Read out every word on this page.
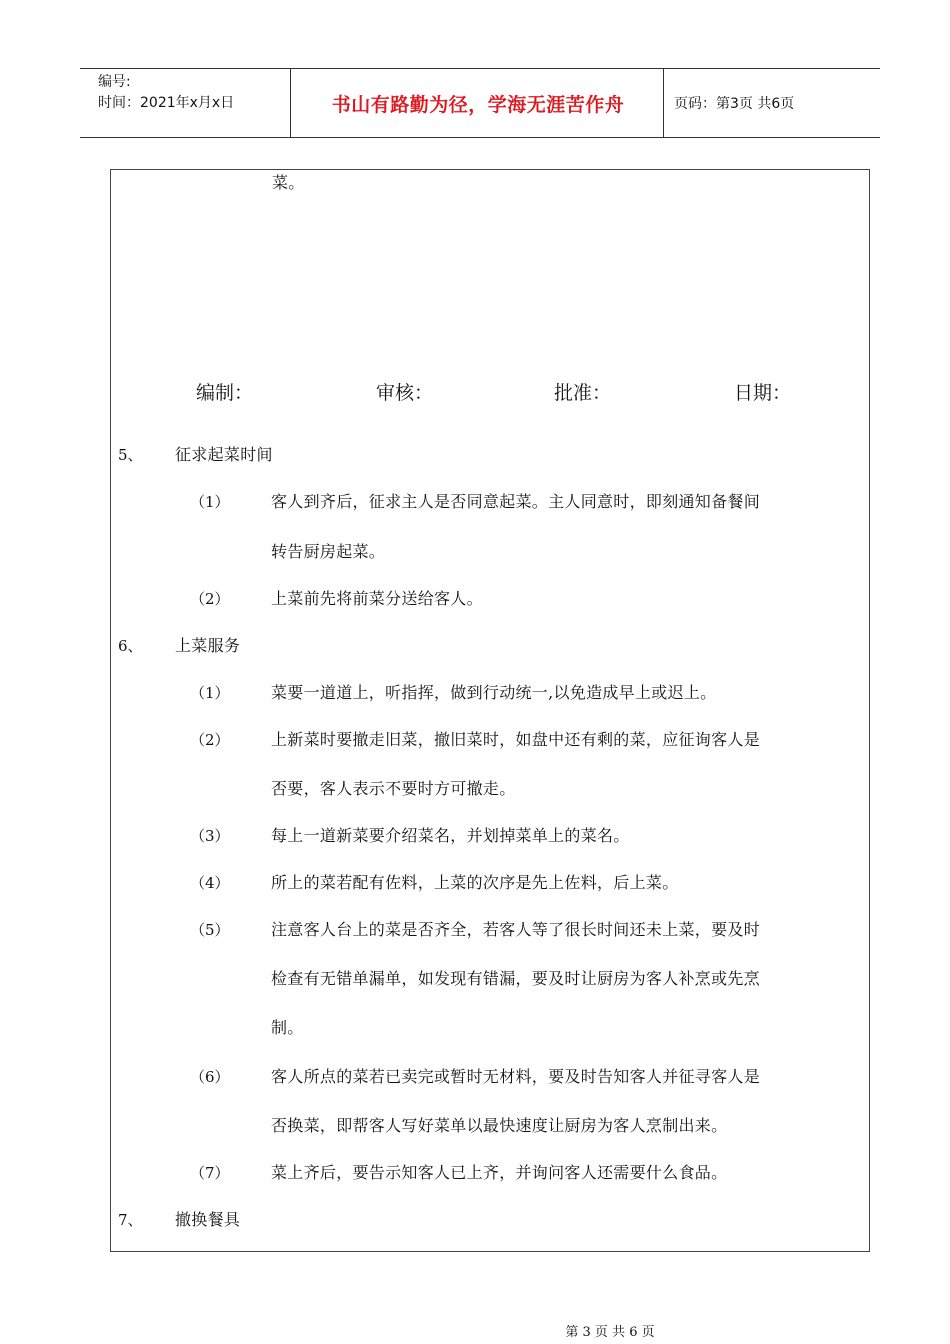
编号:
时间：2021年x月x日	书山有路勤为径，学海无涯苦作舟	页码：第3页 共6页
菜。
编制：	审核：	批准：	日期：
5、 征求起菜时间
（1）	客人到齐后，征求主人是否同意起菜。主人同意时，即刻通知备餐间
转告厨房起菜。
（2）	上菜前先将前菜分送给客人。
6、 上菜服务
（1）	菜要一道道上，听指挥，做到行动统一,以免造成早上或迟上。
（2）	上新菜时要撤走旧菜，撤旧菜时，如盘中还有剩的菜，应征询客人是
否要，客人表示不要时方可撤走。
（3）	每上一道新菜要介绍菜名，并划掉菜单上的菜名。
（4）	所上的菜若配有佐料，上菜的次序是先上佐料，后上菜。
（5）	注意客人台上的菜是否齐全，若客人等了很长时间还未上菜，要及时
检查有无错单漏单，如发现有错漏，要及时让厨房为客人补烹或先烹
制。
（6）	客人所点的菜若已卖完或暂时无材料，要及时告知客人并征寻客人是
否换菜，即帮客人写好菜单以最快速度让厨房为客人烹制出来。
（7）	菜上齐后，要告示知客人已上齐，并询问客人还需要什么食品。
7、 撤换餐具
第 3 页 共 6 页
